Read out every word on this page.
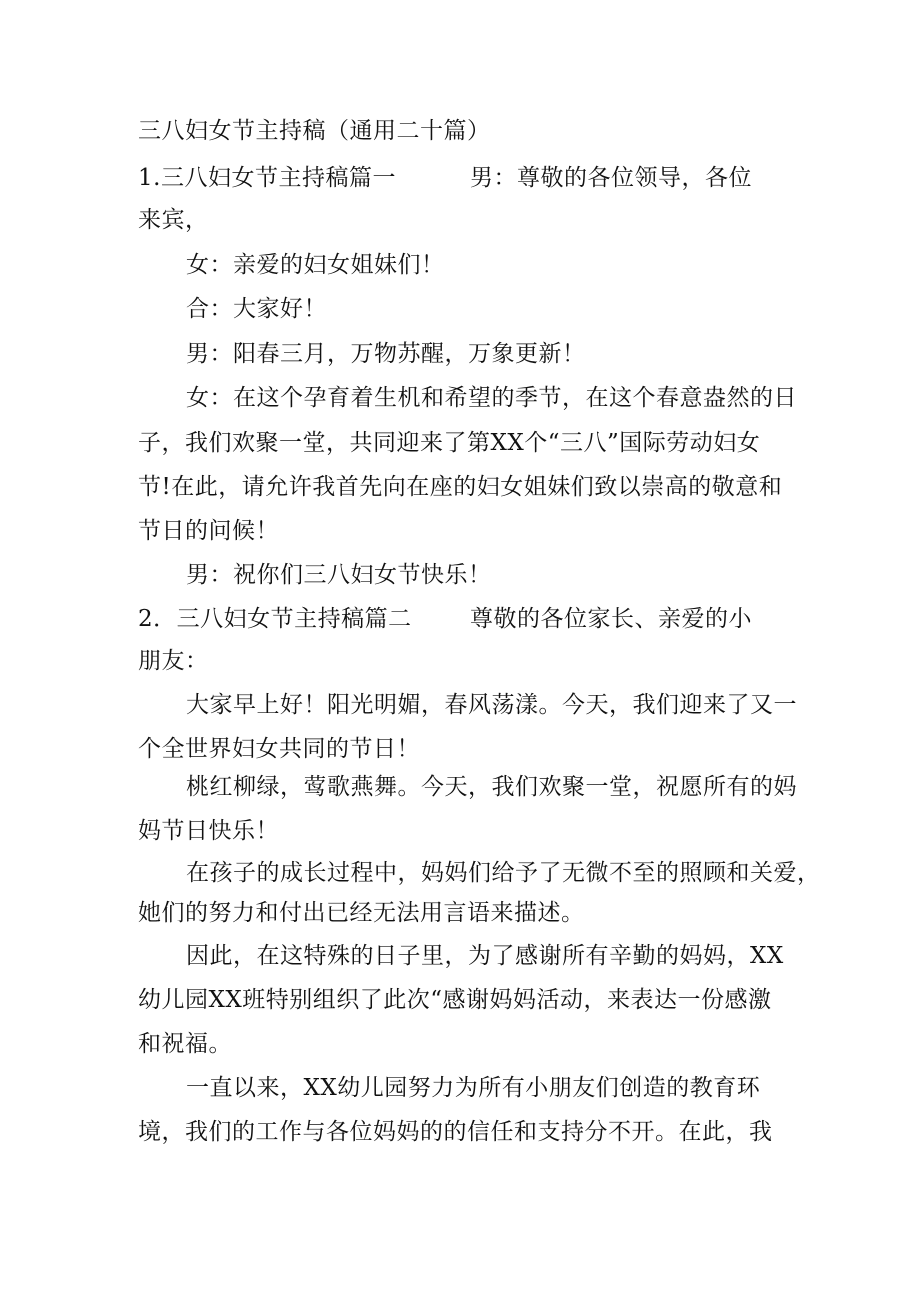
三八妇女节主持稿（通用二十篇）
1.三八妇女节主持稿篇一	男：尊敬的各位领导，各位
来宾，
女：亲爱的妇女姐妹们！
合：大家好！
男：阳春三月，万物苏醒，万象更新！
女：在这个孕育着生机和希望的季节，在这个春意盎然的日
子，我们欢聚一堂，共同迎来了第XX个“三八”国际劳动妇女
节!在此，请允许我首先向在座的妇女姐妹们致以崇高的敬意和
节日的问候！
男：祝你们三八妇女节快乐！
2．三八妇女节主持稿篇二	尊敬的各位家长、亲爱的小
朋友：
大家早上好！阳光明媚，春风荡漾。今天，我们迎来了又一
个全世界妇女共同的节日！
桃红柳绿，莺歌燕舞。今天，我们欢聚一堂，祝愿所有的妈
妈节日快乐！
在孩子的成长过程中，妈妈们给予了无微不至的照顾和关爱，
她们的努力和付出已经无法用言语来描述。
因此，在这特殊的日子里，为了感谢所有辛勤的妈妈，XX
幼儿园XX班特别组织了此次“感谢妈妈活动，来表达一份感激
和祝福。
一直以来，XX幼儿园努力为所有小朋友们创造的教育环
境，我们的工作与各位妈妈的的信任和支持分不开。在此，我
